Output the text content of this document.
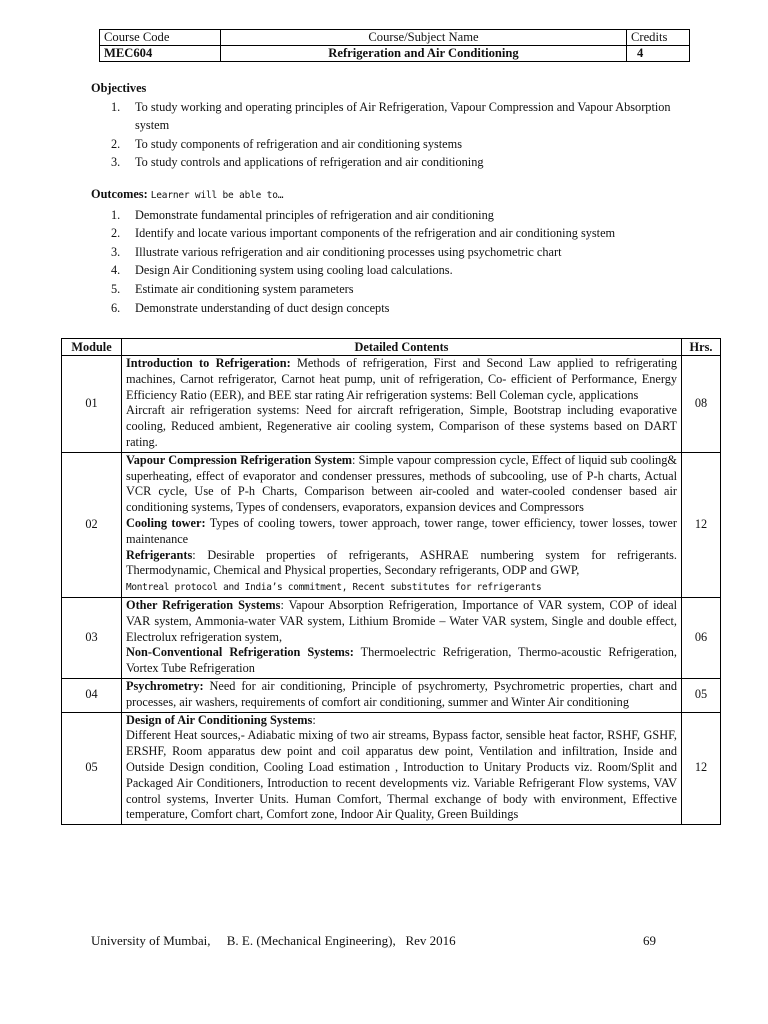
Course Code	Course/Subject Name	Credits
MEC604	Refrigeration and Air Conditioning	4
Objectives
1. To study working and operating principles of Air Refrigeration, Vapour Compression and Vapour Absorption system
2. To study components of refrigeration and air conditioning systems
3. To study controls and applications of refrigeration and air conditioning
Outcomes: Learner will be able to…
1. Demonstrate fundamental principles of refrigeration and air conditioning
2. Identify and locate various important components of the refrigeration and air conditioning system
3. Illustrate various refrigeration and air conditioning processes using psychometric chart
4. Design Air Conditioning system using cooling load calculations.
5. Estimate air conditioning system parameters
6. Demonstrate understanding of duct design concepts
Module	Detailed Contents	Hrs.
01	Introduction to Refrigeration: Methods of refrigeration, First and Second Law applied to refrigerating machines, Carnot refrigerator, Carnot heat pump, unit of refrigeration, Co- efficient of Performance, Energy Efficiency Ratio (EER), and BEE star rating Air refrigeration systems: Bell Coleman cycle, applications

Aircraft air refrigeration systems: Need for aircraft refrigeration, Simple, Bootstrap including evaporative cooling, Reduced ambient, Regenerative air cooling system, Comparison of these systems based on DART rating.	08
02	Vapour Compression Refrigeration System: Simple vapour compression cycle, Effect of liquid sub cooling& superheating, effect of evaporator and condenser pressures, methods of subcooling, use of P-h charts, Actual VCR cycle, Use of P-h Charts, Comparison between air-cooled and water-cooled condenser based air conditioning systems, Types of condensers, evaporators, expansion devices and Compressors

Cooling tower: Types of cooling towers, tower approach, tower range, tower efficiency, tower losses, tower maintenance

Refrigerants: Desirable properties of refrigerants, ASHRAE numbering system for refrigerants. Thermodynamic, Chemical and Physical properties, Secondary refrigerants, ODP and GWP,
Montreal protocol and India’s commitment, Recent substitutes for refrigerants	12
03	Other Refrigeration Systems: Vapour Absorption Refrigeration, Importance of VAR system, COP of ideal VAR system, Ammonia-water VAR system, Lithium Bromide – Water VAR system, Single and double effect, Electrolux refrigeration system,

Non-Conventional Refrigeration Systems: Thermoelectric Refrigeration, Thermo-acoustic Refrigeration, Vortex Tube Refrigeration	06
04	Psychrometry: Need for air conditioning, Principle of psychromerty, Psychrometric properties, chart and processes, air washers, requirements of comfort air conditioning, summer and Winter Air conditioning	05
05	Design of Air Conditioning Systems:

Different Heat sources,- Adiabatic mixing of two air streams, Bypass factor, sensible heat factor, RSHF, GSHF, ERSHF, Room apparatus dew point and coil apparatus dew point, Ventilation and infiltration, Inside and Outside Design condition, Cooling Load estimation , Introduction to Unitary Products viz. Room/Split and Packaged Air Conditioners, Introduction to recent developments viz. Variable Refrigerant Flow systems, VAV control systems, Inverter Units. Human Comfort, Thermal exchange of body with environment, Effective temperature, Comfort chart, Comfort zone, Indoor Air Quality, Green Buildings	12
University of Mumbai,     B. E. (Mechanical Engineering),   Rev 2016	69
